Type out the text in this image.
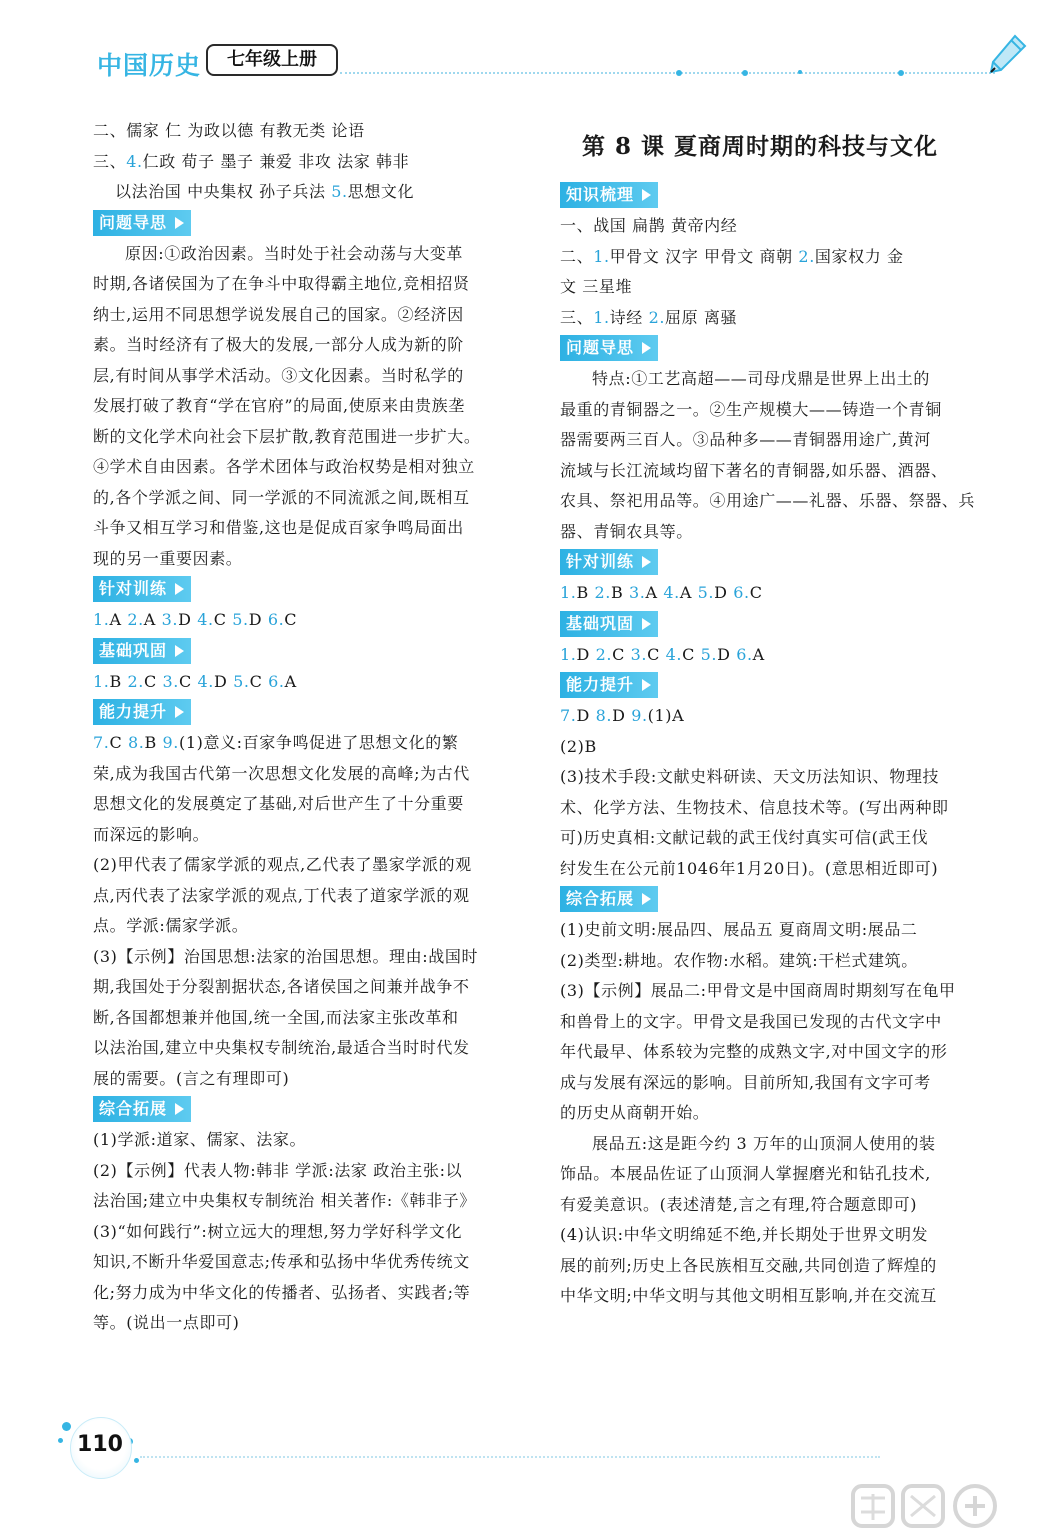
中国历史	七年级上册
二、儒家 仁 为政以德 有教无类 论语
三、4.仁政 荀子 墨子 兼爱 非攻 法家 韩非
以法治国 中央集权 孙子兵法 5.思想文化
问题导思
原因:①政治因素。当时处于社会动荡与大变革
时期,各诸侯国为了在争斗中取得霸主地位,竞相招贤
纳士,运用不同思想学说发展自己的国家。②经济因
素。当时经济有了极大的发展,一部分人成为新的阶
层,有时间从事学术活动。③文化因素。当时私学的
发展打破了教育“学在官府”的局面,使原来由贵族垄
断的文化学术向社会下层扩散,教育范围进一步扩大。
④学术自由因素。各学术团体与政治权势是相对独立
的,各个学派之间、同一学派的不同流派之间,既相互
斗争又相互学习和借鉴,这也是促成百家争鸣局面出
现的另一重要因素。
针对训练
1.A 2.A 3.D 4.C 5.D 6.C
基础巩固
1.B 2.C 3.C 4.D 5.C 6.A
能力提升
7.C 8.B 9.(1)意义:百家争鸣促进了思想文化的繁
荣,成为我国古代第一次思想文化发展的高峰;为古代
思想文化的发展奠定了基础,对后世产生了十分重要
而深远的影响。
(2)甲代表了儒家学派的观点,乙代表了墨家学派的观
点,丙代表了法家学派的观点,丁代表了道家学派的观
点。学派:儒家学派。
(3)【示例】治国思想:法家的治国思想。理由:战国时
期,我国处于分裂割据状态,各诸侯国之间兼并战争不
断,各国都想兼并他国,统一全国,而法家主张改革和
以法治国,建立中央集权专制统治,最适合当时时代发
展的需要。(言之有理即可)
综合拓展
(1)学派:道家、儒家、法家。
(2)【示例】代表人物:韩非 学派:法家 政治主张:以
法治国;建立中央集权专制统治 相关著作:《韩非子》
(3)“如何践行”:树立远大的理想,努力学好科学文化
知识,不断升华爱国意志;传承和弘扬中华优秀传统文
化;努力成为中华文化的传播者、弘扬者、实践者;等
等。(说出一点即可)
第 8 课 夏商周时期的科技与文化
知识梳理
一、战国 扁鹊 黄帝内经
二、1.甲骨文 汉字 甲骨文 商朝 2.国家权力 金
文 三星堆
三、1.诗经 2.屈原 离骚
问题导思
特点:①工艺高超——司母戊鼎是世界上出土的
最重的青铜器之一。②生产规模大——铸造一个青铜
器需要两三百人。③品种多——青铜器用途广,黄河
流域与长江流域均留下著名的青铜器,如乐器、酒器、
农具、祭祀用品等。④用途广——礼器、乐器、祭器、兵
器、青铜农具等。
针对训练
1.B 2.B 3.A 4.A 5.D 6.C
基础巩固
1.D 2.C 3.C 4.C 5.D 6.A
能力提升
7.D 8.D 9.(1)A
(2)B
(3)技术手段:文献史料研读、天文历法知识、物理技
术、化学方法、生物技术、信息技术等。(写出两种即
可)历史真相:文献记载的武王伐纣真实可信(武王伐
纣发生在公元前1046年1月20日)。(意思相近即可)
综合拓展
(1)史前文明:展品四、展品五 夏商周文明:展品二
(2)类型:耕地。农作物:水稻。建筑:干栏式建筑。
(3)【示例】展品二:甲骨文是中国商周时期刻写在龟甲
和兽骨上的文字。甲骨文是我国已发现的古代文字中
年代最早、体系较为完整的成熟文字,对中国文字的形
成与发展有深远的影响。目前所知,我国有文字可考
的历史从商朝开始。
展品五:这是距今约 3 万年的山顶洞人使用的装
饰品。本展品佐证了山顶洞人掌握磨光和钻孔技术,
有爱美意识。(表述清楚,言之有理,符合题意即可)
(4)认识:中华文明绵延不绝,并长期处于世界文明发
展的前列;历史上各民族相互交融,共同创造了辉煌的
中华文明;中华文明与其他文明相互影响,并在交流互
110
